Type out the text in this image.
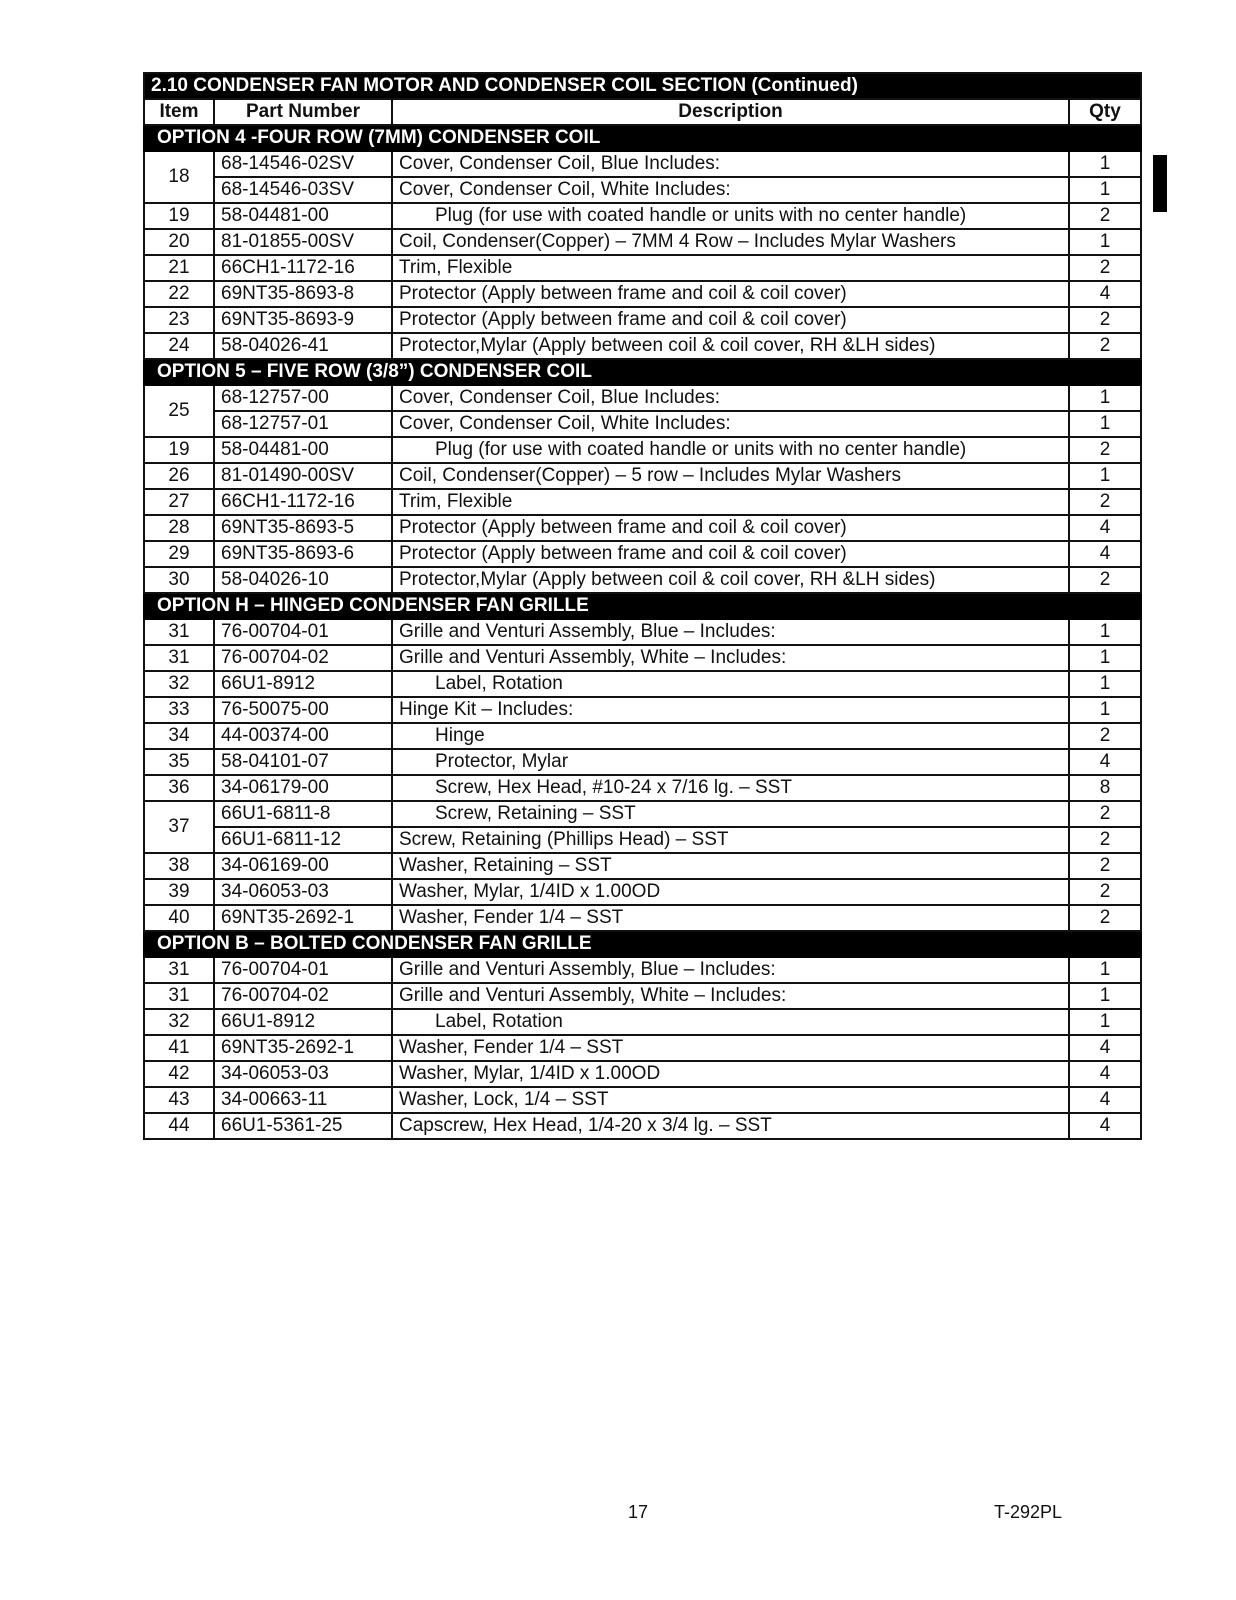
2.10 CONDENSER FAN MOTOR AND CONDENSER COIL SECTION (Continued)			
Item	Part Number	Description	Qty
OPTION 4 -FOUR ROW (7MM) CONDENSER COIL			
18	68-14546-02SV	Cover, Condenser Coil, Blue Includes:	1
	68-14546-03SV	Cover, Condenser Coil, White Includes:	1
19	58-04481-00	Plug (for use with coated handle or units with no center handle)	2
20	81-01855-00SV	Coil, Condenser(Copper) – 7MM 4 Row – Includes Mylar Washers	1
21	66CH1-1172-16	Trim, Flexible	2
22	69NT35-8693-8	Protector (Apply between frame and coil & coil cover)	4
23	69NT35-8693-9	Protector (Apply between frame and coil & coil cover)	2
24	58-04026-41	Protector,Mylar (Apply between coil & coil cover, RH &LH sides)	2
OPTION 5 – FIVE ROW (3/8”) CONDENSER COIL			
25	68-12757-00	Cover, Condenser Coil, Blue Includes:	1
	68-12757-01	Cover, Condenser Coil, White Includes:	1
19	58-04481-00	Plug (for use with coated handle or units with no center handle)	2
26	81-01490-00SV	Coil, Condenser(Copper) – 5 row – Includes Mylar Washers	1
27	66CH1-1172-16	Trim, Flexible	2
28	69NT35-8693-5	Protector (Apply between frame and coil & coil cover)	4
29	69NT35-8693-6	Protector (Apply between frame and coil & coil cover)	4
30	58-04026-10	Protector,Mylar (Apply between coil & coil cover, RH &LH sides)	2
OPTION H – HINGED CONDENSER FAN GRILLE			
31	76-00704-01	Grille and Venturi Assembly, Blue – Includes:	1
31	76-00704-02	Grille and Venturi Assembly, White – Includes:	1
32	66U1-8912	Label, Rotation	1
33	76-50075-00	Hinge Kit – Includes:	1
34	44-00374-00	Hinge	2
35	58-04101-07	Protector, Mylar	4
36	34-06179-00	Screw, Hex Head, #10-24 x 7/16 lg. – SST	8
37	66U1-6811-8	Screw, Retaining – SST	2
	66U1-6811-12	Screw, Retaining (Phillips Head) – SST	2
38	34-06169-00	Washer, Retaining – SST	2
39	34-06053-03	Washer, Mylar, 1/4ID x 1.00OD	2
40	69NT35-2692-1	Washer, Fender 1/4 – SST	2
OPTION B – BOLTED CONDENSER FAN GRILLE			
31	76-00704-01	Grille and Venturi Assembly, Blue – Includes:	1
31	76-00704-02	Grille and Venturi Assembly, White – Includes:	1
32	66U1-8912	Label, Rotation	1
41	69NT35-2692-1	Washer, Fender 1/4 – SST	4
42	34-06053-03	Washer, Mylar, 1/4ID x 1.00OD	4
43	34-00663-11	Washer, Lock, 1/4 – SST	4
44	66U1-5361-25	Capscrew, Hex Head, 1/4-20 x 3/4 lg. – SST	4
17	T-292PL
